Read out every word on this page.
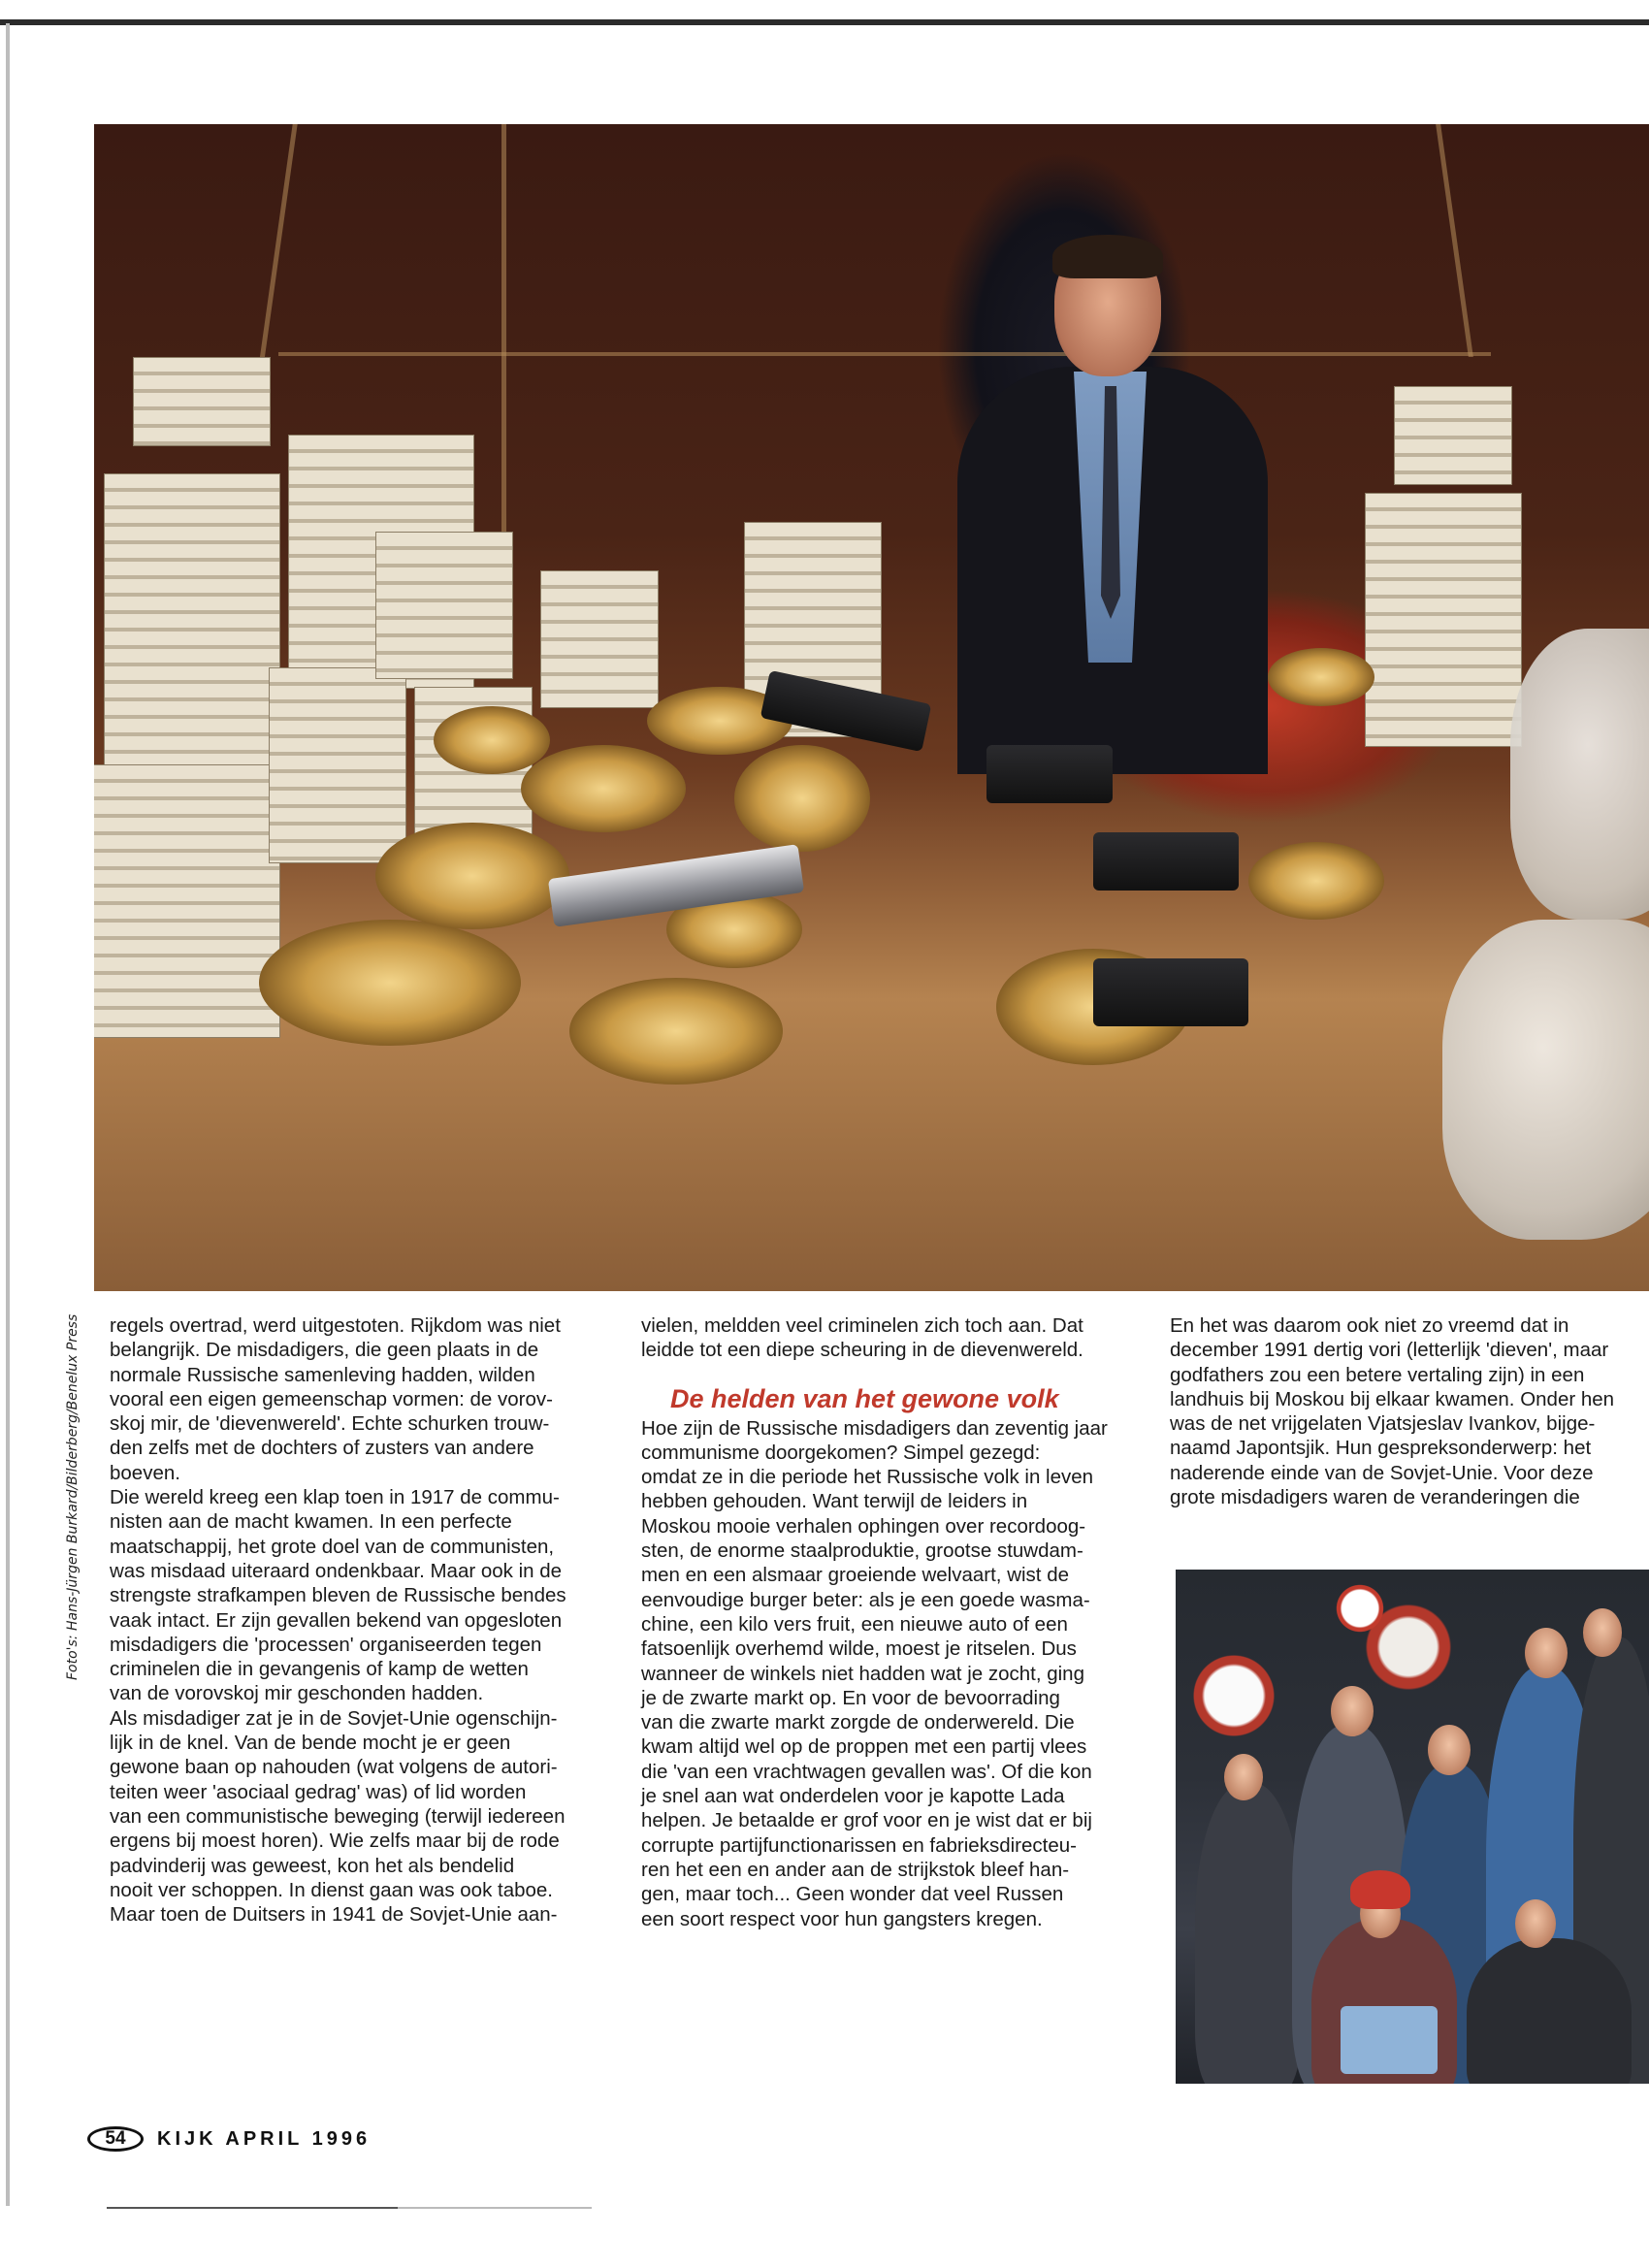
Foto's: Hans-Jürgen Burkard/Bilderberg/Benelux Press regels overtrad, werd uitgestoten. Rijkdom was niet
belangrijk. De misdadigers, die geen plaats in de
normale Russische samenleving hadden, wilden
vooral een eigen gemeenschap vormen: de vorov-
skoj mir, de 'dievenwereld'. Echte schurken trouw-
den zelfs met de dochters of zusters van andere
boeven.
Die wereld kreeg een klap toen in 1917 de commu-
nisten aan de macht kwamen. In een perfecte
maatschappij, het grote doel van de communisten,
was misdaad uiteraard ondenkbaar. Maar ook in de
strengste strafkampen bleven de Russische bendes
vaak intact. Er zijn gevallen bekend van opgesloten
misdadigers die 'processen' organiseerden tegen
criminelen die in gevangenis of kamp de wetten
van de vorovskoj mir geschonden hadden.
Als misdadiger zat je in de Sovjet-Unie ogenschijn-
lijk in de knel. Van de bende mocht je er geen
gewone baan op nahouden (wat volgens de autori-
teiten weer 'asociaal gedrag' was) of lid worden
van een communistische beweging (terwijl iedereen
ergens bij moest horen). Wie zelfs maar bij de rode
padvinderij was geweest, kon het als bendelid
nooit ver schoppen. In dienst gaan was ook taboe.
Maar toen de Duitsers in 1941 de Sovjet-Unie aan-

vielen, meldden veel criminelen zich toch aan. Dat
leidde tot een diepe scheuring in de dievenwereld.

De helden van het gewone volk

Hoe zijn de Russische misdadigers dan zeventig jaar
communisme doorgekomen? Simpel gezegd:
omdat ze in die periode het Russische volk in leven
hebben gehouden. Want terwijl de leiders in
Moskou mooie verhalen ophingen over recordoog-
sten, de enorme staalproduktie, grootse stuwdam-
men en een alsmaar groeiende welvaart, wist de
eenvoudige burger beter: als je een goede wasma-
chine, een kilo vers fruit, een nieuwe auto of een
fatsoenlijk overhemd wilde, moest je ritselen. Dus
wanneer de winkels niet hadden wat je zocht, ging
je de zwarte markt op. En voor de bevoorrading
van die zwarte markt zorgde de onderwereld. Die
kwam altijd wel op de proppen met een partij vlees
die 'van een vrachtwagen gevallen was'. Of die kon
je snel aan wat onderdelen voor je kapotte Lada
helpen. Je betaalde er grof voor en je wist dat er bij
corrupte partijfunctionarissen en fabrieksdirecteu-
ren het een en ander aan de strijkstok bleef han-
gen, maar toch... Geen wonder dat veel Russen
een soort respect voor hun gangsters kregen.

En het was daarom ook niet zo vreemd dat in
december 1991 dertig vori (letterlijk 'dieven', maar
godfathers zou een betere vertaling zijn) in een
landhuis bij Moskou bij elkaar kwamen. Onder hen
was de net vrijgelaten Vjatsjeslav Ivankov, bijge-
naamd Japontsjik. Hun gespreksonderwerp: het
naderende einde van de Sovjet-Unie. Voor deze
grote misdadigers waren de veranderingen die

54	KIJK APRIL 1996
